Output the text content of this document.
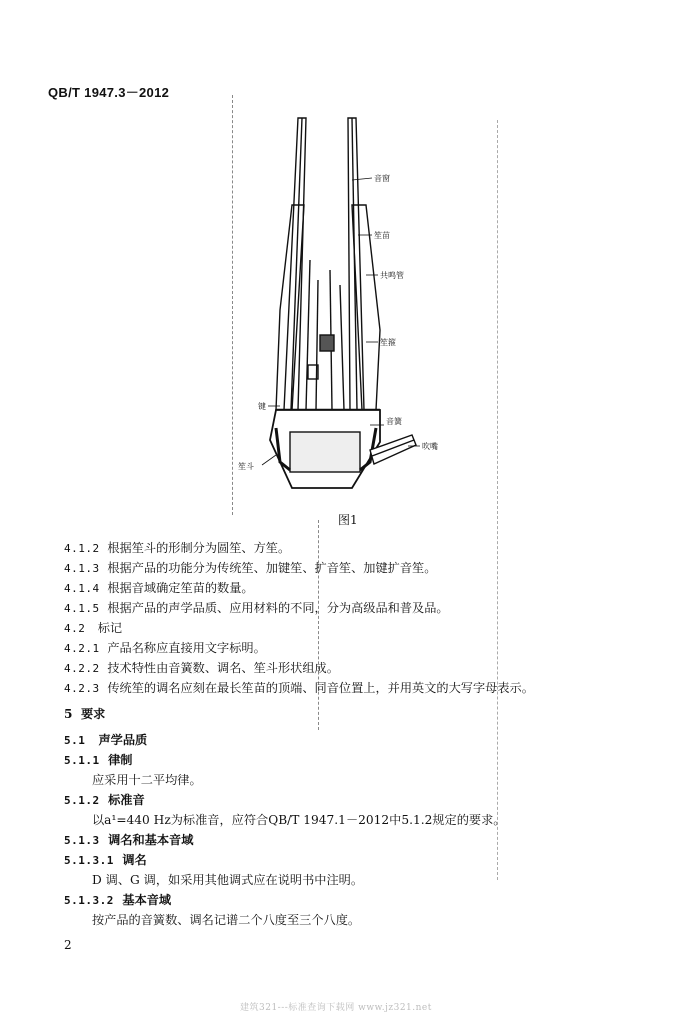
QB/T 1947.3－2012
音窗
笙苗
共鸣管
笙箍
键
音簧
吹嘴
笙斗
图1
4.1.2 根据笙斗的形制分为圆笙、方笙。
4.1.3 根据产品的功能分为传统笙、加键笙、扩音笙、加键扩音笙。
4.1.4 根据音域确定笙苗的数量。
4.1.5 根据产品的声学品质、应用材料的不同，分为高级品和普及品。
4.2 标记
4.2.1 产品名称应直接用文字标明。
4.2.2 技术特性由音簧数、调名、笙斗形状组成。
4.2.3 传统笙的调名应刻在最长笙苗的顶端、同音位置上，并用英文的大写字母表示。
5 要求
5.1 声学品质
5.1.1 律制
应采用十二平均律。
5.1.2 标准音
以a¹=440 Hz为标准音，应符合QB/T 1947.1－2012中5.1.2规定的要求。
5.1.3 调名和基本音域
5.1.3.1 调名
D 调、G 调，如采用其他调式应在说明书中注明。
5.1.3.2 基本音域
按产品的音簧数、调名记谱二个八度至三个八度。
2
建筑321---标准查询下载网 www.jz321.net
